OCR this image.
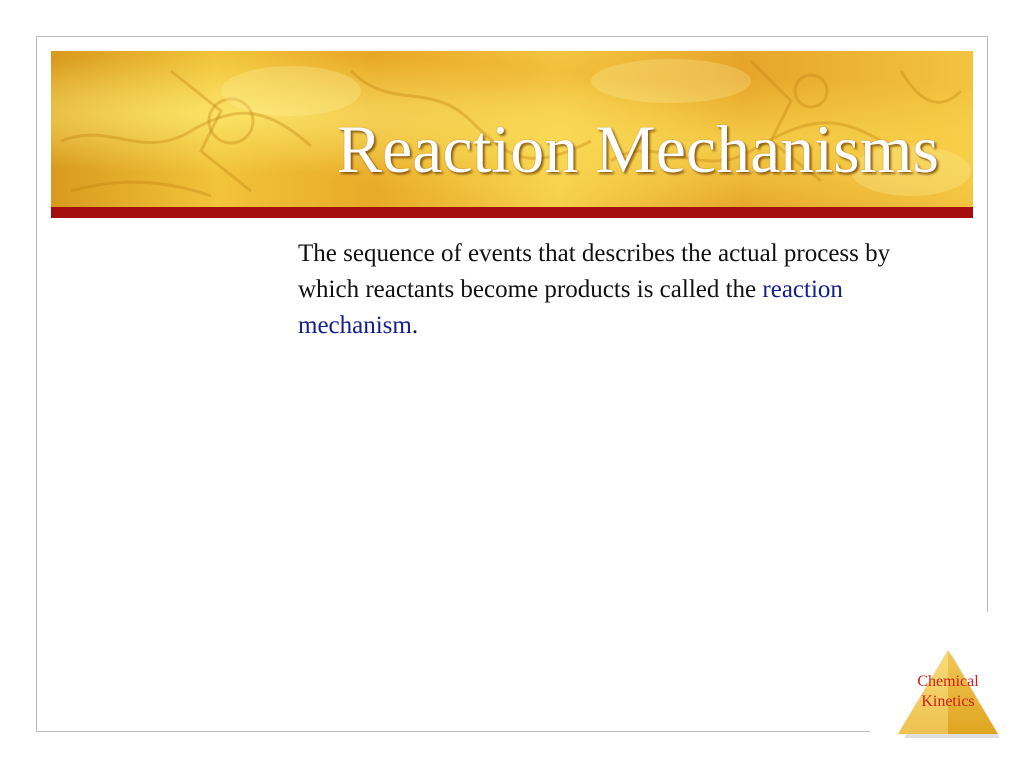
Reaction Mechanisms

The sequence of events that describes the actual process by which reactants become products is called the reaction mechanism.

Chemical
Kinetics
